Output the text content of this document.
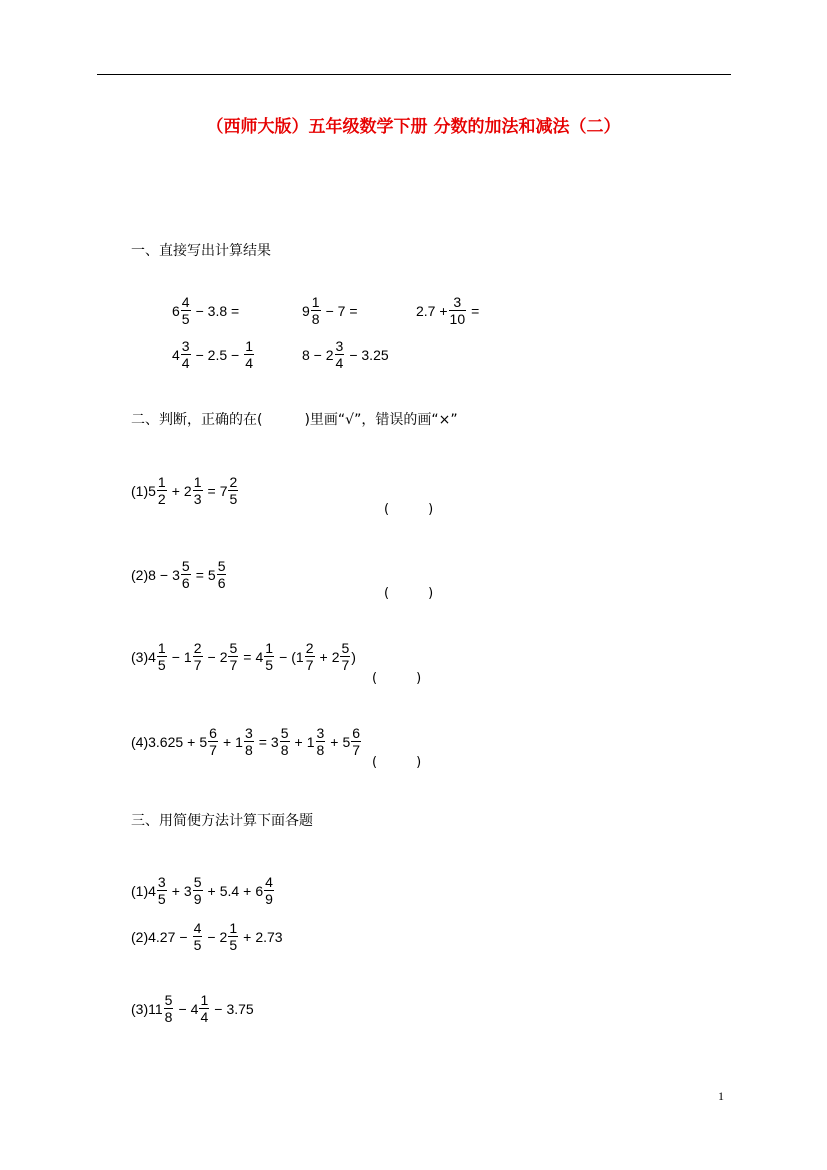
（西师大版）五年级数学下册 分数的加法和减法（二）
一、直接写出计算结果
$6 \frac{4}{5} - 3.8$ =	$9 \frac{1}{8} - 7$ =	$2.7 + \frac{3}{10}$ =
$4 \frac{3}{4} - 2.5 - \frac{1}{4}$	$8 - 2 \frac{3}{4} - 3.25$
二、判断，正确的在(　　　)里画“√”，错误的画“×”
(1) $5 \frac{1}{2} + 2 \frac{1}{3} = 7 \frac{2}{5}$
(　　　)
(2) $8 - 3 \frac{5}{6} = 5 \frac{5}{6}$
(　　　)
(3) $4 \frac{1}{5} - 1 \frac{2}{7} - 2 \frac{5}{7} = 4 \frac{1}{5} - (1 \frac{2}{7} + 2 \frac{5}{7}$ )
(　　　)
(4) $3.625 + 5 \frac{6}{7} + 1 \frac{3}{8} = 3 \frac{5}{8} + 1 \frac{3}{8} + 5 \frac{6}{7}$
(　　　)
三、用简便方法计算下面各题
(1) $4 \frac{3}{5} + 3 \frac{5}{9} + 5.4 + 6 \frac{4}{9}$
(2) $4.27 - \frac{4}{5} - 2 \frac{1}{5} + 2.73$
(3) $11 \frac{5}{8} - 4 \frac{1}{4} - 3.75$
1
